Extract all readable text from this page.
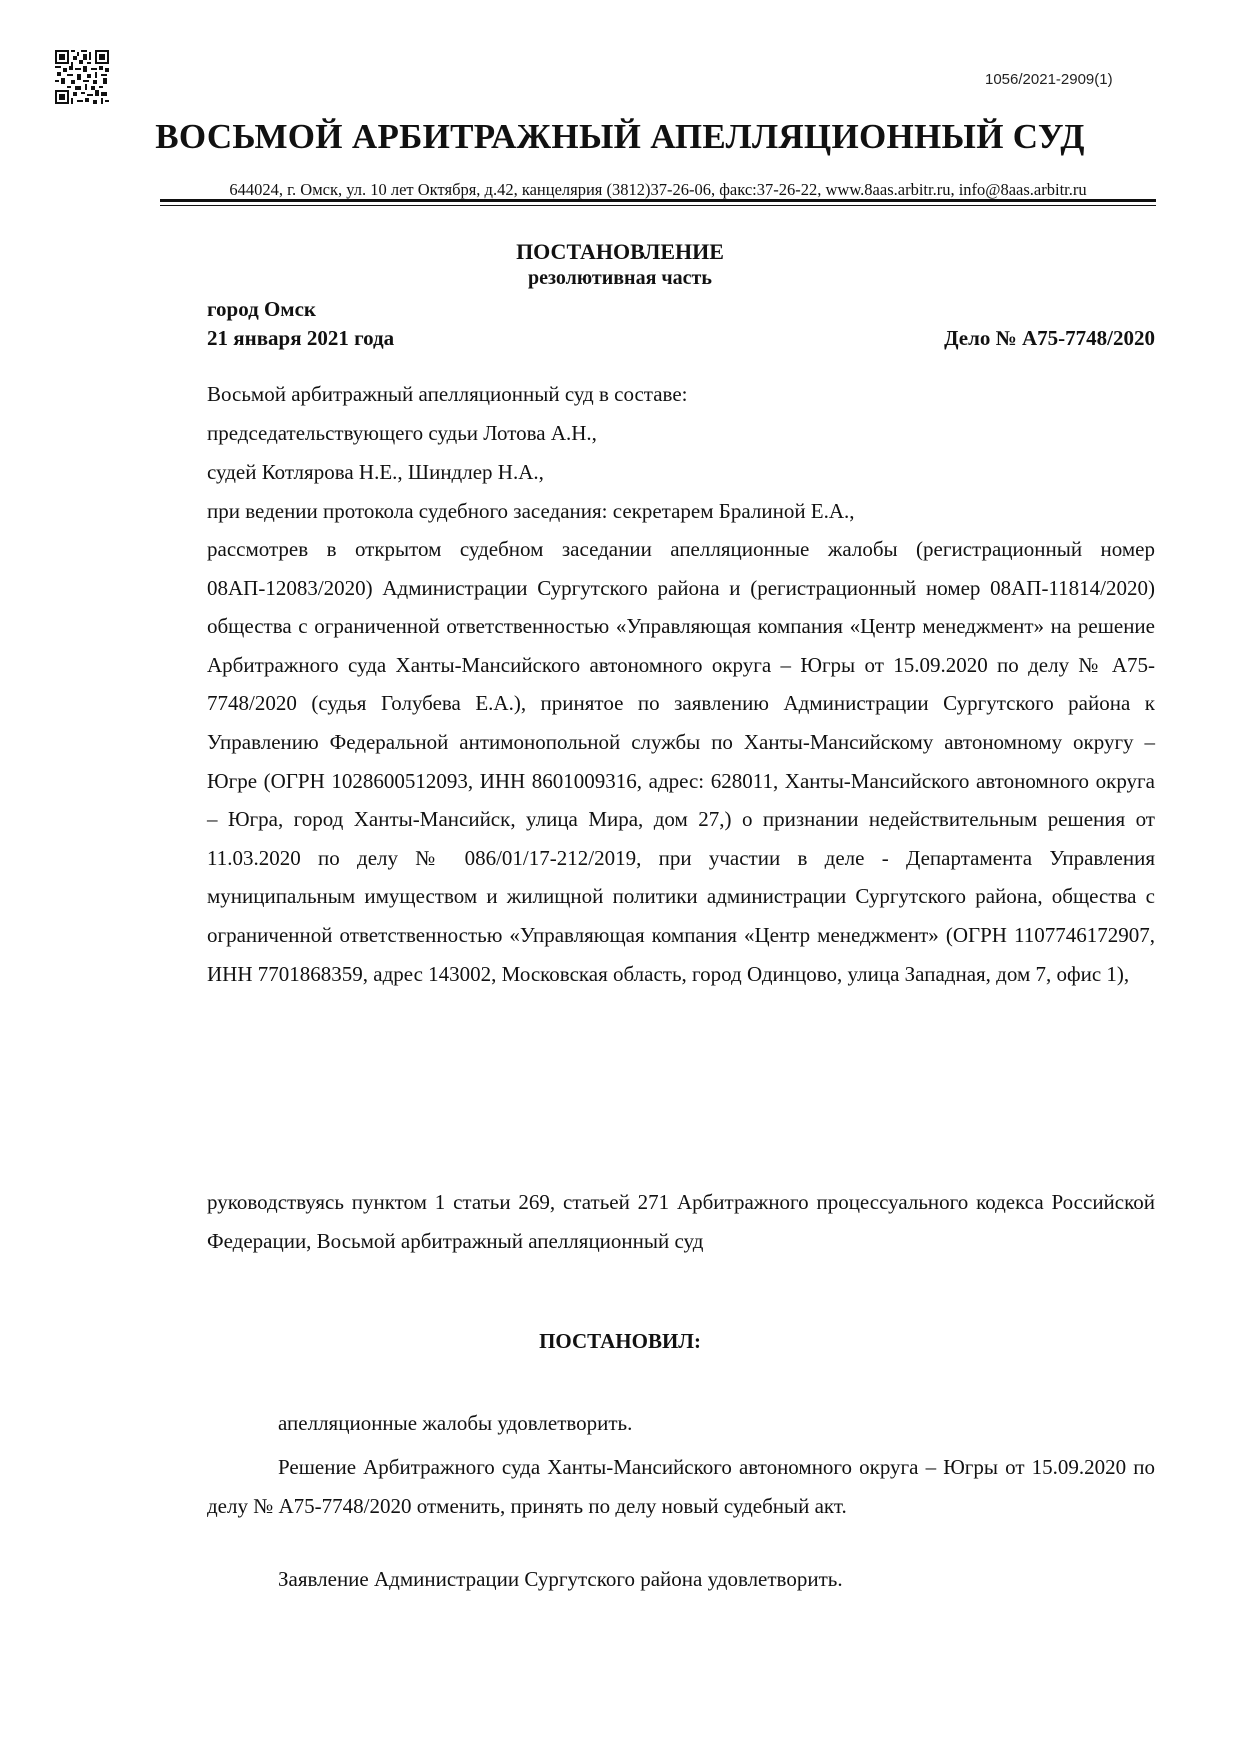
1056/2021-2909(1)
ВОСЬМОЙ АРБИТРАЖНЫЙ АПЕЛЛЯЦИОННЫЙ СУД
644024, г. Омск, ул. 10 лет Октября, д.42, канцелярия (3812)37-26-06, факс:37-26-22, www.8aas.arbitr.ru, info@8aas.arbitr.ru
ПОСТАНОВЛЕНИЕ
резолютивная часть
город Омск
21 января 2021 года	Дело № А75-7748/2020
Восьмой арбитражный апелляционный суд в составе:
председательствующего судьи Лотова А.Н.,
судей Котлярова Н.Е., Шиндлер Н.А.,
при ведении протокола судебного заседания: секретарем Бралиной Е.А.,

рассмотрев в открытом судебном заседании апелляционные жалобы (регистрационный номер 08АП-12083/2020) Администрации Сургутского района и (регистрационный номер 08АП-11814/2020) общества с ограниченной ответственностью «Управляющая компания «Центр менеджмент» на решение Арбитражного суда Ханты-Мансийского автономного округа – Югры от 15.09.2020 по делу № А75-7748/2020 (судья Голубева Е.А.), принятое по заявлению Администрации Сургутского района к Управлению Федеральной антимонопольной службы по Ханты-Мансийскому автономному округу – Югре (ОГРН 1028600512093, ИНН 8601009316, адрес: 628011, Ханты-Мансийского автономного округа – Югра, город Ханты-Мансийск, улица Мира, дом 27,) о признании недействительным решения от 11.03.2020 по делу № 086/01/17-212/2019, при участии в деле - Департамента Управления муниципальным имуществом и жилищной политики администрации Сургутского района, общества с ограниченной ответственностью «Управляющая компания «Центр менеджмент» (ОГРН 1107746172907, ИНН 7701868359, адрес 143002, Московская область, город Одинцово, улица Западная, дом 7, офис 1),

руководствуясь пунктом 1 статьи 269, статьей 271 Арбитражного процессуального кодекса Российской Федерации, Восьмой арбитражный апелляционный суд

ПОСТАНОВИЛ:
апелляционные жалобы удовлетворить.

Решение Арбитражного суда Ханты-Мансийского автономного округа – Югры от 15.09.2020 по делу № А75-7748/2020 отменить, принять по делу новый судебный акт.

Заявление Администрации Сургутского района удовлетворить.
